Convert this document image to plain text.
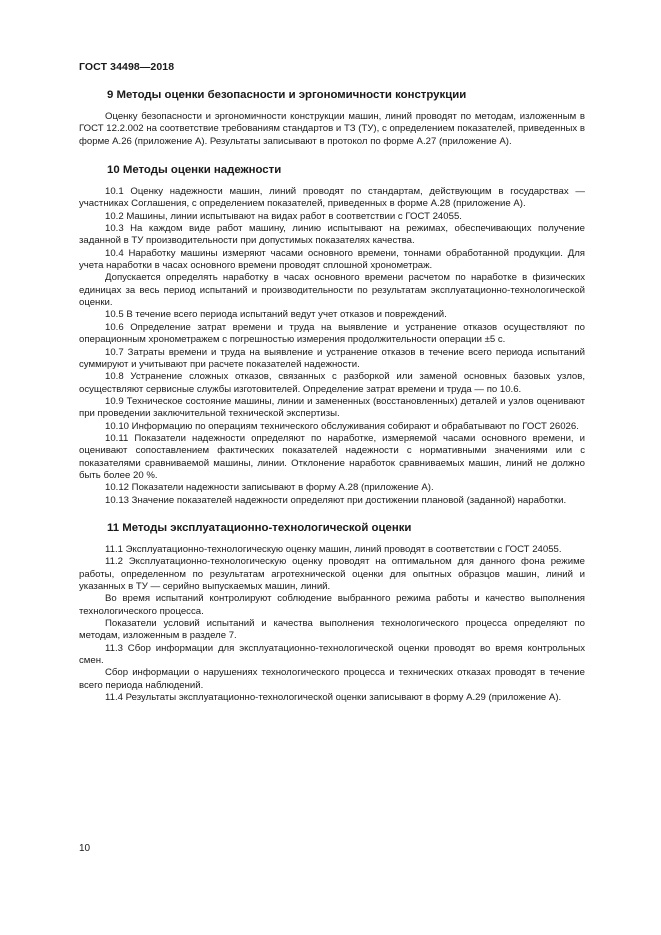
ГОСТ 34498—2018
9 Методы оценки безопасности и эргономичности конструкции

Оценку безопасности и эргономичности конструкции машин, линий проводят по методам, изложенным в ГОСТ 12.2.002 на соответствие требованиям стандартов и ТЗ (ТУ), с определением показателей, приведенных в форме А.26 (приложение А). Результаты записывают в протокол по форме А.27 (приложение А).

10 Методы оценки надежности

10.1 Оценку надежности машин, линий проводят по стандартам, действующим в государствах — участниках Соглашения, с определением показателей, приведенных в форме А.28 (приложение А).

10.2 Машины, линии испытывают на видах работ в соответствии с ГОСТ 24055.

10.3 На каждом виде работ машину, линию испытывают на режимах, обеспечивающих получение заданной в ТУ производительности при допустимых показателях качества.

10.4 Наработку машины измеряют часами основного времени, тоннами обработанной продукции. Для учета наработки в часах основного времени проводят сплошной хронометраж.

Допускается определять наработку в часах основного времени расчетом по наработке в физических единицах за весь период испытаний и производительности по результатам эксплуатационно-технологической оценки.

10.5 В течение всего периода испытаний ведут учет отказов и повреждений.

10.6 Определение затрат времени и труда на выявление и устранение отказов осуществляют по операционным хронометражем с погрешностью измерения продолжительности операции ±5 с.

10.7 Затраты времени и труда на выявление и устранение отказов в течение всего периода испытаний суммируют и учитывают при расчете показателей надежности.

10.8 Устранение сложных отказов, связанных с разборкой или заменой основных базовых узлов, осуществляют сервисные службы изготовителей. Определение затрат времени и труда — по 10.6.

10.9 Техническое состояние машины, линии и замененных (восстановленных) деталей и узлов оценивают при проведении заключительной технической экспертизы.

10.10 Информацию по операциям технического обслуживания собирают и обрабатывают по ГОСТ 26026.

10.11 Показатели надежности определяют по наработке, измеряемой часами основного времени, и оценивают сопоставлением фактических показателей надежности с нормативными значениями или с показателями сравниваемой машины, линии. Отклонение наработок сравниваемых машин, линий не должно быть более 20 %.

10.12 Показатели надежности записывают в форму А.28 (приложение А).

10.13 Значение показателей надежности определяют при достижении плановой (заданной) наработки.

11 Методы эксплуатационно-технологической оценки

11.1 Эксплуатационно-технологическую оценку машин, линий проводят в соответствии с ГОСТ 24055.

11.2 Эксплуатационно-технологическую оценку проводят на оптимальном для данного фона режиме работы, определенном по результатам агротехнической оценки для опытных образцов машин, линий и указанных в ТУ — серийно выпускаемых машин, линий.

Во время испытаний контролируют соблюдение выбранного режима работы и качество выполнения технологического процесса.

Показатели условий испытаний и качества выполнения технологического процесса определяют по методам, изложенным в разделе 7.

11.3 Сбор информации для эксплуатационно-технологической оценки проводят во время контрольных смен.

Сбор информации о нарушениях технологического процесса и технических отказах проводят в течение всего периода наблюдений.

11.4 Результаты эксплуатационно-технологической оценки записывают в форму А.29 (приложение А).

10
